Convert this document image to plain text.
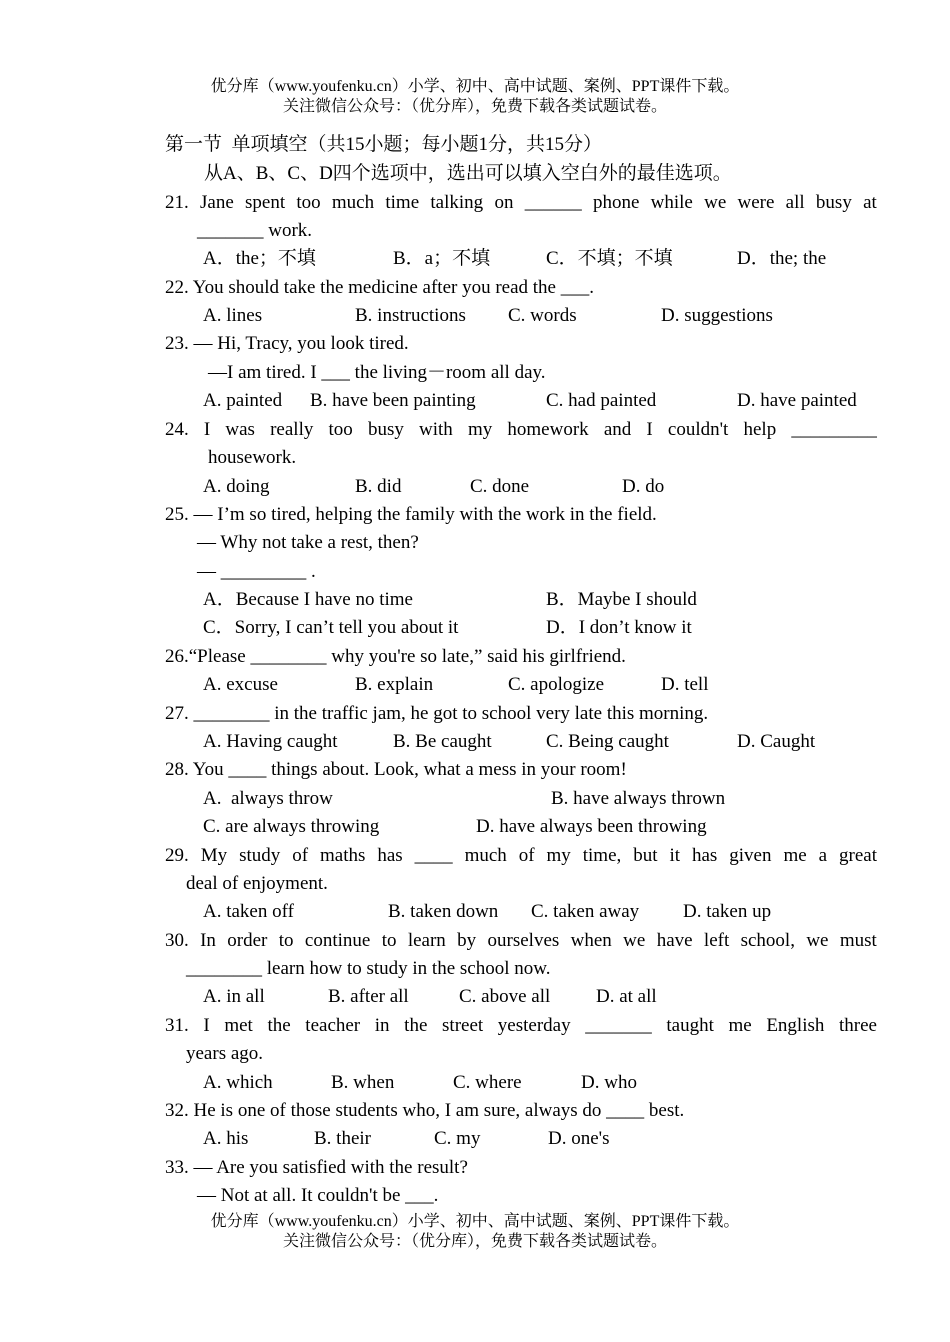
优分库（www.youfenku.cn）小学、初中、高中试题、案例、PPT课件下载。
关注微信公众号：（优分库），免费下载各类试题试卷。
第一节  单项填空（共15小题；每小题1分，共15分）
从A、B、C、D四个选项中，选出可以填入空白外的最佳选项。
21. Jane spent too much time talking on ______ phone while we were all busy at
_______ work.
A．the；不填	B．a；不填	C．不填；不填	D．the; the
22. You should take the medicine after you read the ___.
A. lines	B. instructions C. words	D. suggestions
23. — Hi, Tracy, you look tired.
—I am tired. I ___ the living－room all day.
A. painted B. have been painting	C. had painted	D. have painted
24. I was really too busy with my homework and I couldn't help _________
housework.
A. doing	B. did	C. done	D. do
25. — I’m so tired, helping the family with the work in the field.
— Why not take a rest, then?
— _________ .
A．Because I have no time	B．Maybe I should
C．Sorry, I can’t tell you about it	D．I don’t know it
26.“Please ________ why you're so late,” said his girlfriend.
A. excuse	B. explain	C. apologize	D. tell
27. ________ in the traffic jam, he got to school very late this morning.
A. Having caught	B. Be caught	C. Being caught	D. Caught
28. You ____ things about. Look, what a mess in your room!
A.  always throw	B. have always thrown
C. are always throwing	D. have always been throwing
29. My study of maths has ____ much of my time, but it has given me a great
deal of enjoyment.
A. taken off	B. taken down C. taken away D. taken up
30. In order to continue to learn by ourselves when we have left school, we must
________ learn how to study in the school now.
A. in all	B. after all	C. above all D. at all
31. I met the teacher in the street yesterday _______ taught me English three
years ago.
A. which	B. when	C. where	D. who
32. He is one of those students who, I am sure, always do ____ best.
A. his	B. their	C. my	D. one's
33. — Are you satisfied with the result?
— Not at all. It couldn't be ___.
优分库（www.youfenku.cn）小学、初中、高中试题、案例、PPT课件下载。
关注微信公众号：（优分库），免费下载各类试题试卷。
